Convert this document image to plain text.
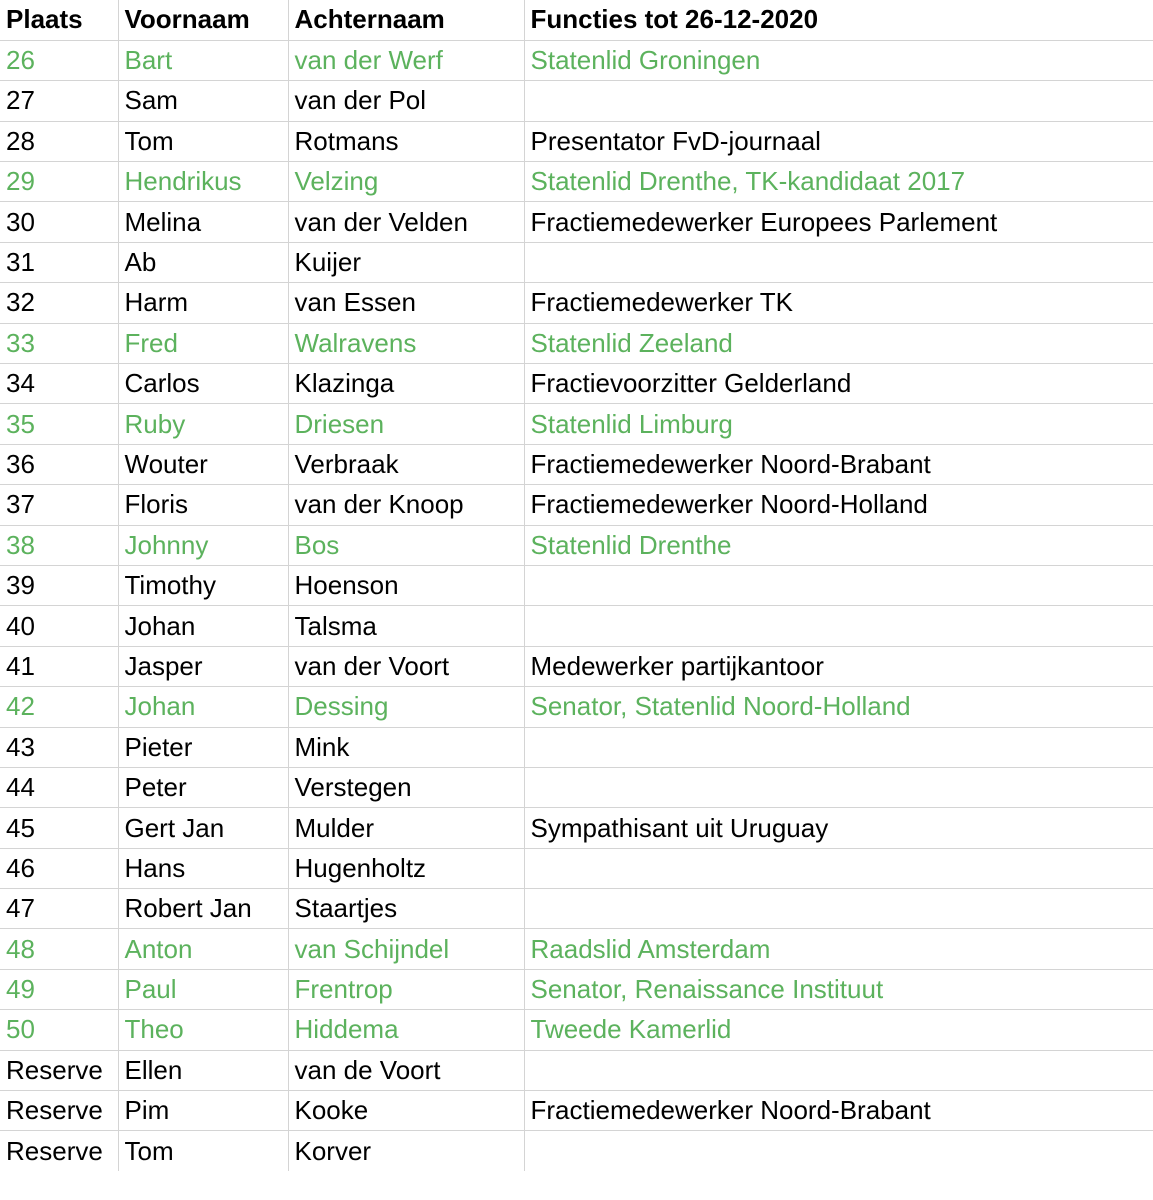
Plaats	Voornaam	Achternaam	Functies tot 26-12-2020
26	Bart	van der Werf	Statenlid Groningen
27	Sam	van der Pol	
28	Tom	Rotmans	Presentator FvD-journaal
29	Hendrikus	Velzing	Statenlid Drenthe, TK-kandidaat 2017
30	Melina	van der Velden	Fractiemedewerker Europees Parlement
31	Ab	Kuijer	
32	Harm	van Essen	Fractiemedewerker TK
33	Fred	Walravens	Statenlid Zeeland
34	Carlos	Klazinga	Fractievoorzitter Gelderland
35	Ruby	Driesen	Statenlid Limburg
36	Wouter	Verbraak	Fractiemedewerker Noord-Brabant
37	Floris	van der Knoop	Fractiemedewerker Noord-Holland
38	Johnny	Bos	Statenlid Drenthe
39	Timothy	Hoenson	
40	Johan	Talsma	
41	Jasper	van der Voort	Medewerker partijkantoor
42	Johan	Dessing	Senator, Statenlid Noord-Holland
43	Pieter	Mink	
44	Peter	Verstegen	
45	Gert Jan	Mulder	Sympathisant uit Uruguay
46	Hans	Hugenholtz	
47	Robert Jan	Staartjes	
48	Anton	van Schijndel	Raadslid Amsterdam
49	Paul	Frentrop	Senator, Renaissance Instituut
50	Theo	Hiddema	Tweede Kamerlid
Reserve	Ellen	van de Voort	
Reserve	Pim	Kooke	Fractiemedewerker Noord-Brabant
Reserve	Tom	Korver	
